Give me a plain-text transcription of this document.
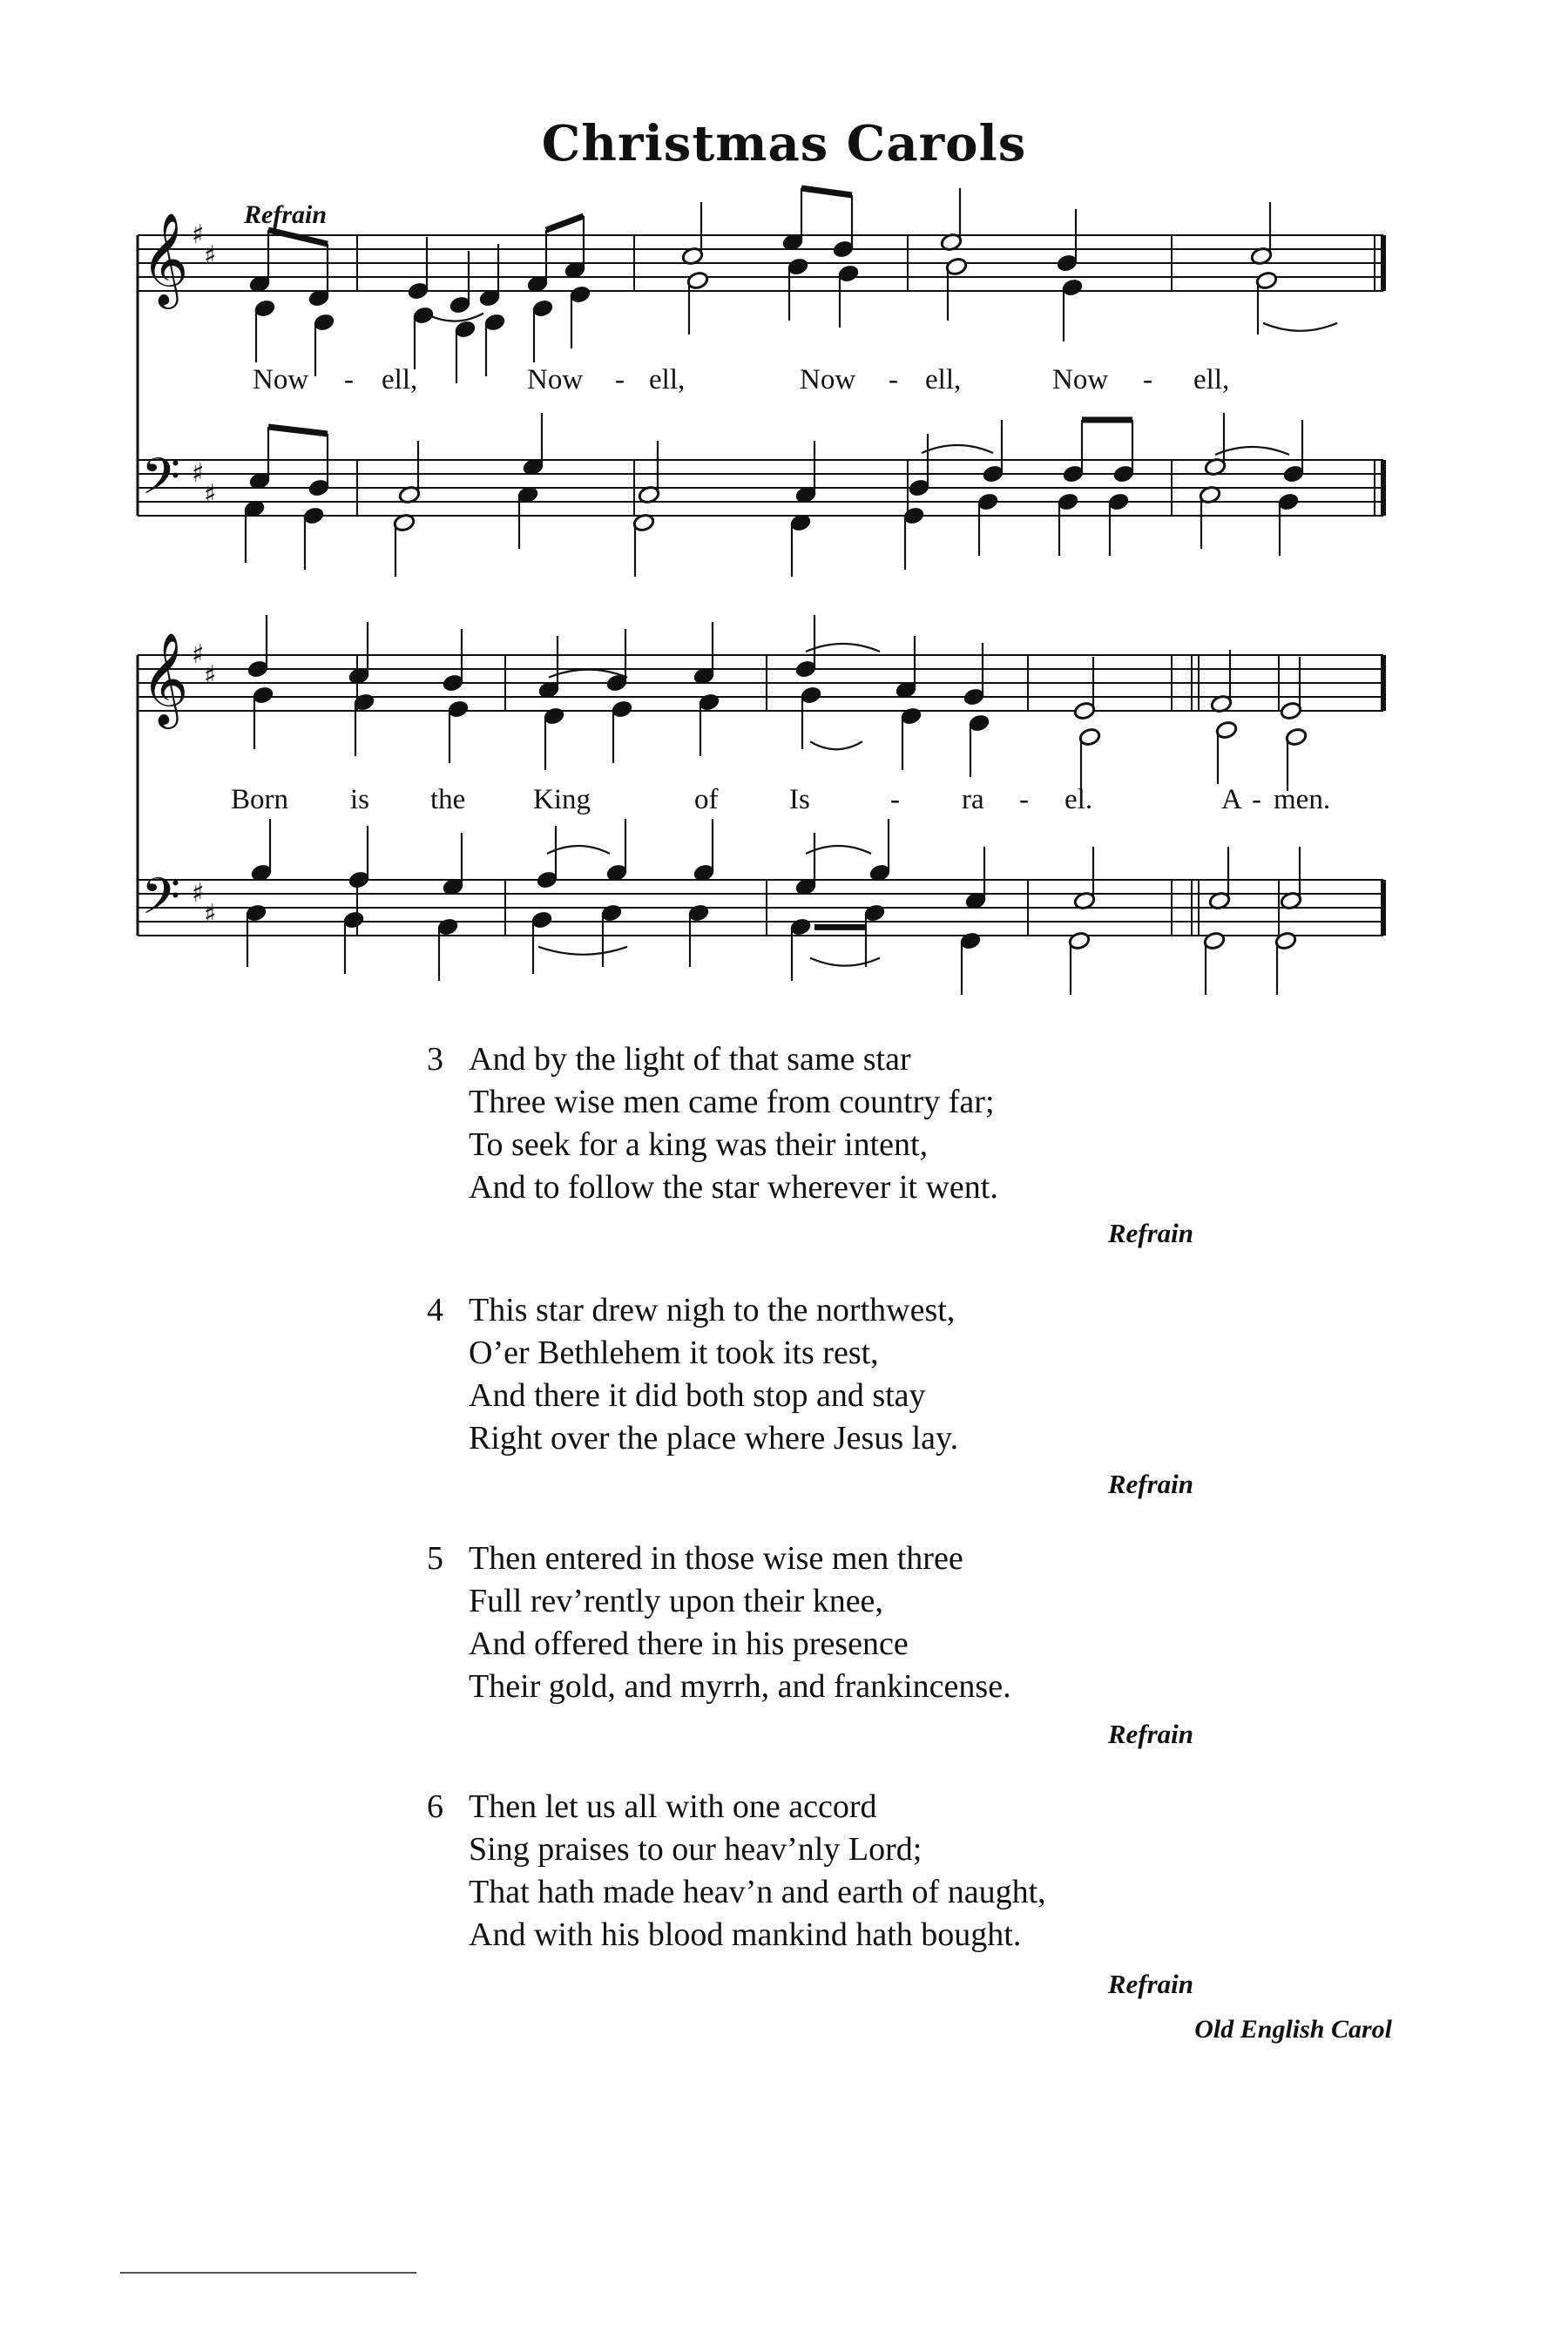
Christmas Carols
𝄞
𝄢
♯
♯
♯
♯
𝄞
𝄢
♯
♯
♯
♯
Refrain
Now - ell,	Now - ell,	Now - ell,	Now - ell,
Born is the King	of Is	- ra - el.	A - men.
3 And by the light of that same star
Three wise men came from country far;
To seek for a king was their intent,
And to follow the star wherever it went.
Refrain
4 This star drew nigh to the northwest,
O’er Bethlehem it took its rest,
And there it did both stop and stay
Right over the place where Jesus lay.
Refrain
5 Then entered in those wise men three
Full rev’rently upon their knee,
And offered there in his presence
Their gold, and myrrh, and frankincense.
Refrain
6 Then let us all with one accord
Sing praises to our heav’nly Lord;
That hath made heav’n and earth of naught,
And with his blood mankind hath bought.
Refrain
Old English Carol
